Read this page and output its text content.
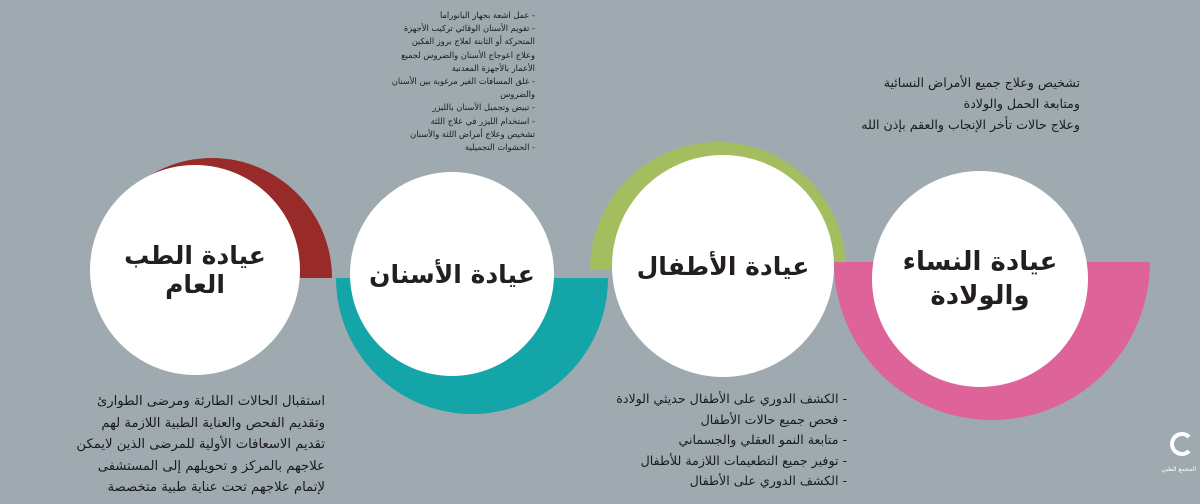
عيادة الطب العام	عيادة الأسنان	عيادة الأطفال	عيادة النساء
والولادة
- عمل اشعة بجهاز البانوراما
- تقويم الأسنان الوقائي تركيب الأجهزة
المتحركة أو الثابتة لعلاج بروز الفكين
وعلاج اعوجاج الأسنان والضروس لجميع
الأعمار بالأجهزة المعدنية
- غلق المسافات الغير مرغوبة بين الأسنان
والضروس
- تبيض وتجميل الأسنان بالليزر
- استخدام الليزر في علاج اللثة
تشخيص وعلاج أمراض اللثة والأسنان
- الحشوات التجميلية
تشخيص وعلاج جميع الأمراض النسائية
ومتابعة الحمل والولادة
وعلاج حالات تأخر الإنجاب والعقم بإذن الله
استقبال الحالات الطارئة ومرضى الطوارئ
وتقديم الفحص والعناية الطبية اللازمة لهم
تقديم الاسعافات الأولية للمرضى الذين لايمكن
علاجهم بالمركز و تحويلهم إلى المستشفى
لإتمام علاجهم تحت عناية طبية متخصصة
- الكشف الدوري على الأطفال حديثي الولادة
- فحص جميع حالات الأطفال
- متابعة النمو العقلي والجسماني
- توفير جميع التطعيمات اللازمة للأطفال
- الكشف الدوري على الأطفال
المجمع الطبي
